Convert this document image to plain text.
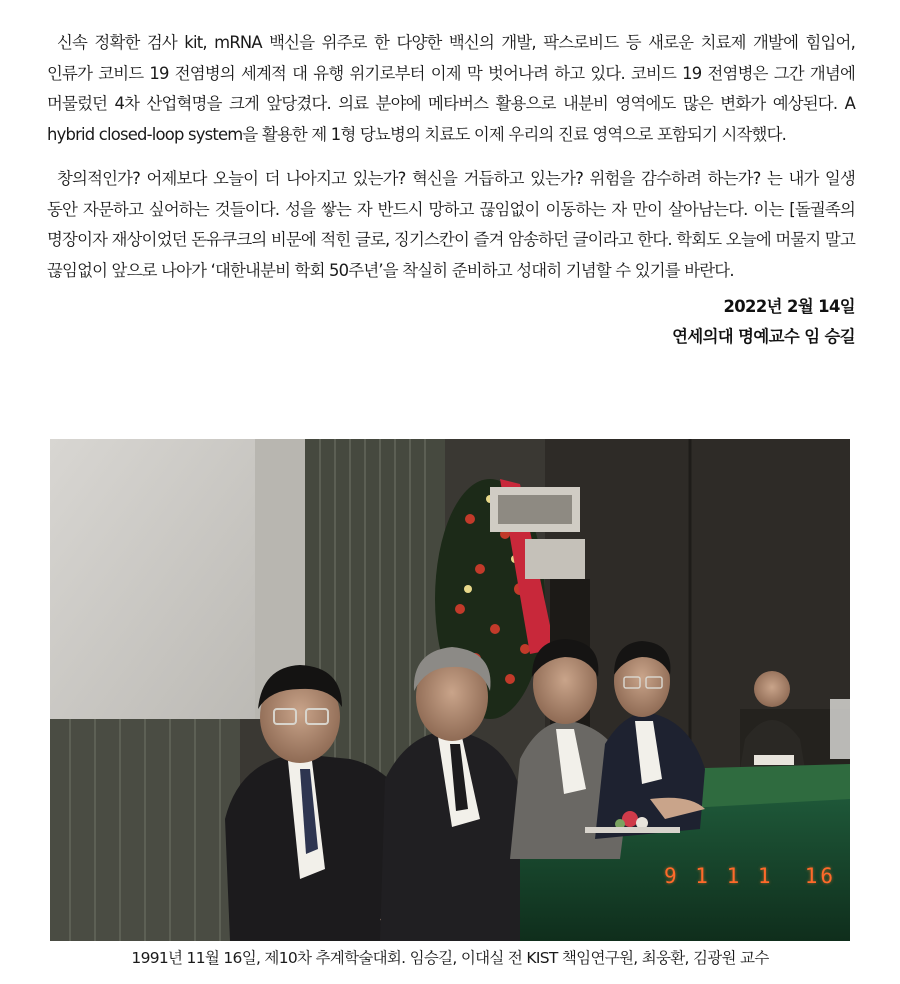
신속 정확한 검사 kit, mRNA 백신을 위주로 한 다양한 백신의 개발, 팍스로비드 등 새로운 치료제 개발에 힘입어, 인류가 코비드 19 전염병의 세계적 대 유행 위기로부터 이제 막 벗어나려 하고 있다. 코비드 19 전염병은 그간 개념에 머물렀던 4차 산업혁명을 크게 앞당겼다. 의료 분야에 메타버스 활용으로 내분비 영역에도 많은 변화가 예상된다. A hybrid closed-loop system을 활용한 제 1형 당뇨병의 치료도 이제 우리의 진료 영역으로 포함되기 시작했다.

창의적인가? 어제보다 오늘이 더 나아지고 있는가? 혁신을 거듭하고 있는가? 위험을 감수하려 하는가? 는 내가 일생 동안 자문하고 싶어하는 것들이다. 성을 쌓는 자 반드시 망하고 끊임없이 이동하는 자 만이 살아남는다. 이는 [돌궐족의 명장이자 재상이었던 돈유쿠크의 비문에 적힌 글로, 징기스칸이 즐겨 암송하던 글이라고 한다. 학회도 오늘에 머물지 말고 끊임없이 앞으로 나아가 ‘대한내분비 학회 50주년’을 착실히 준비하고 성대히 기념할 수 있기를 바란다.

2022년 2월 14일
연세의대 명예교수 임 승길
9 1 1 1  16
1991년 11월 16일, 제10차 추계학술대회. 임승길, 이대실 전 KIST 책임연구원, 최웅환, 김광원 교수
